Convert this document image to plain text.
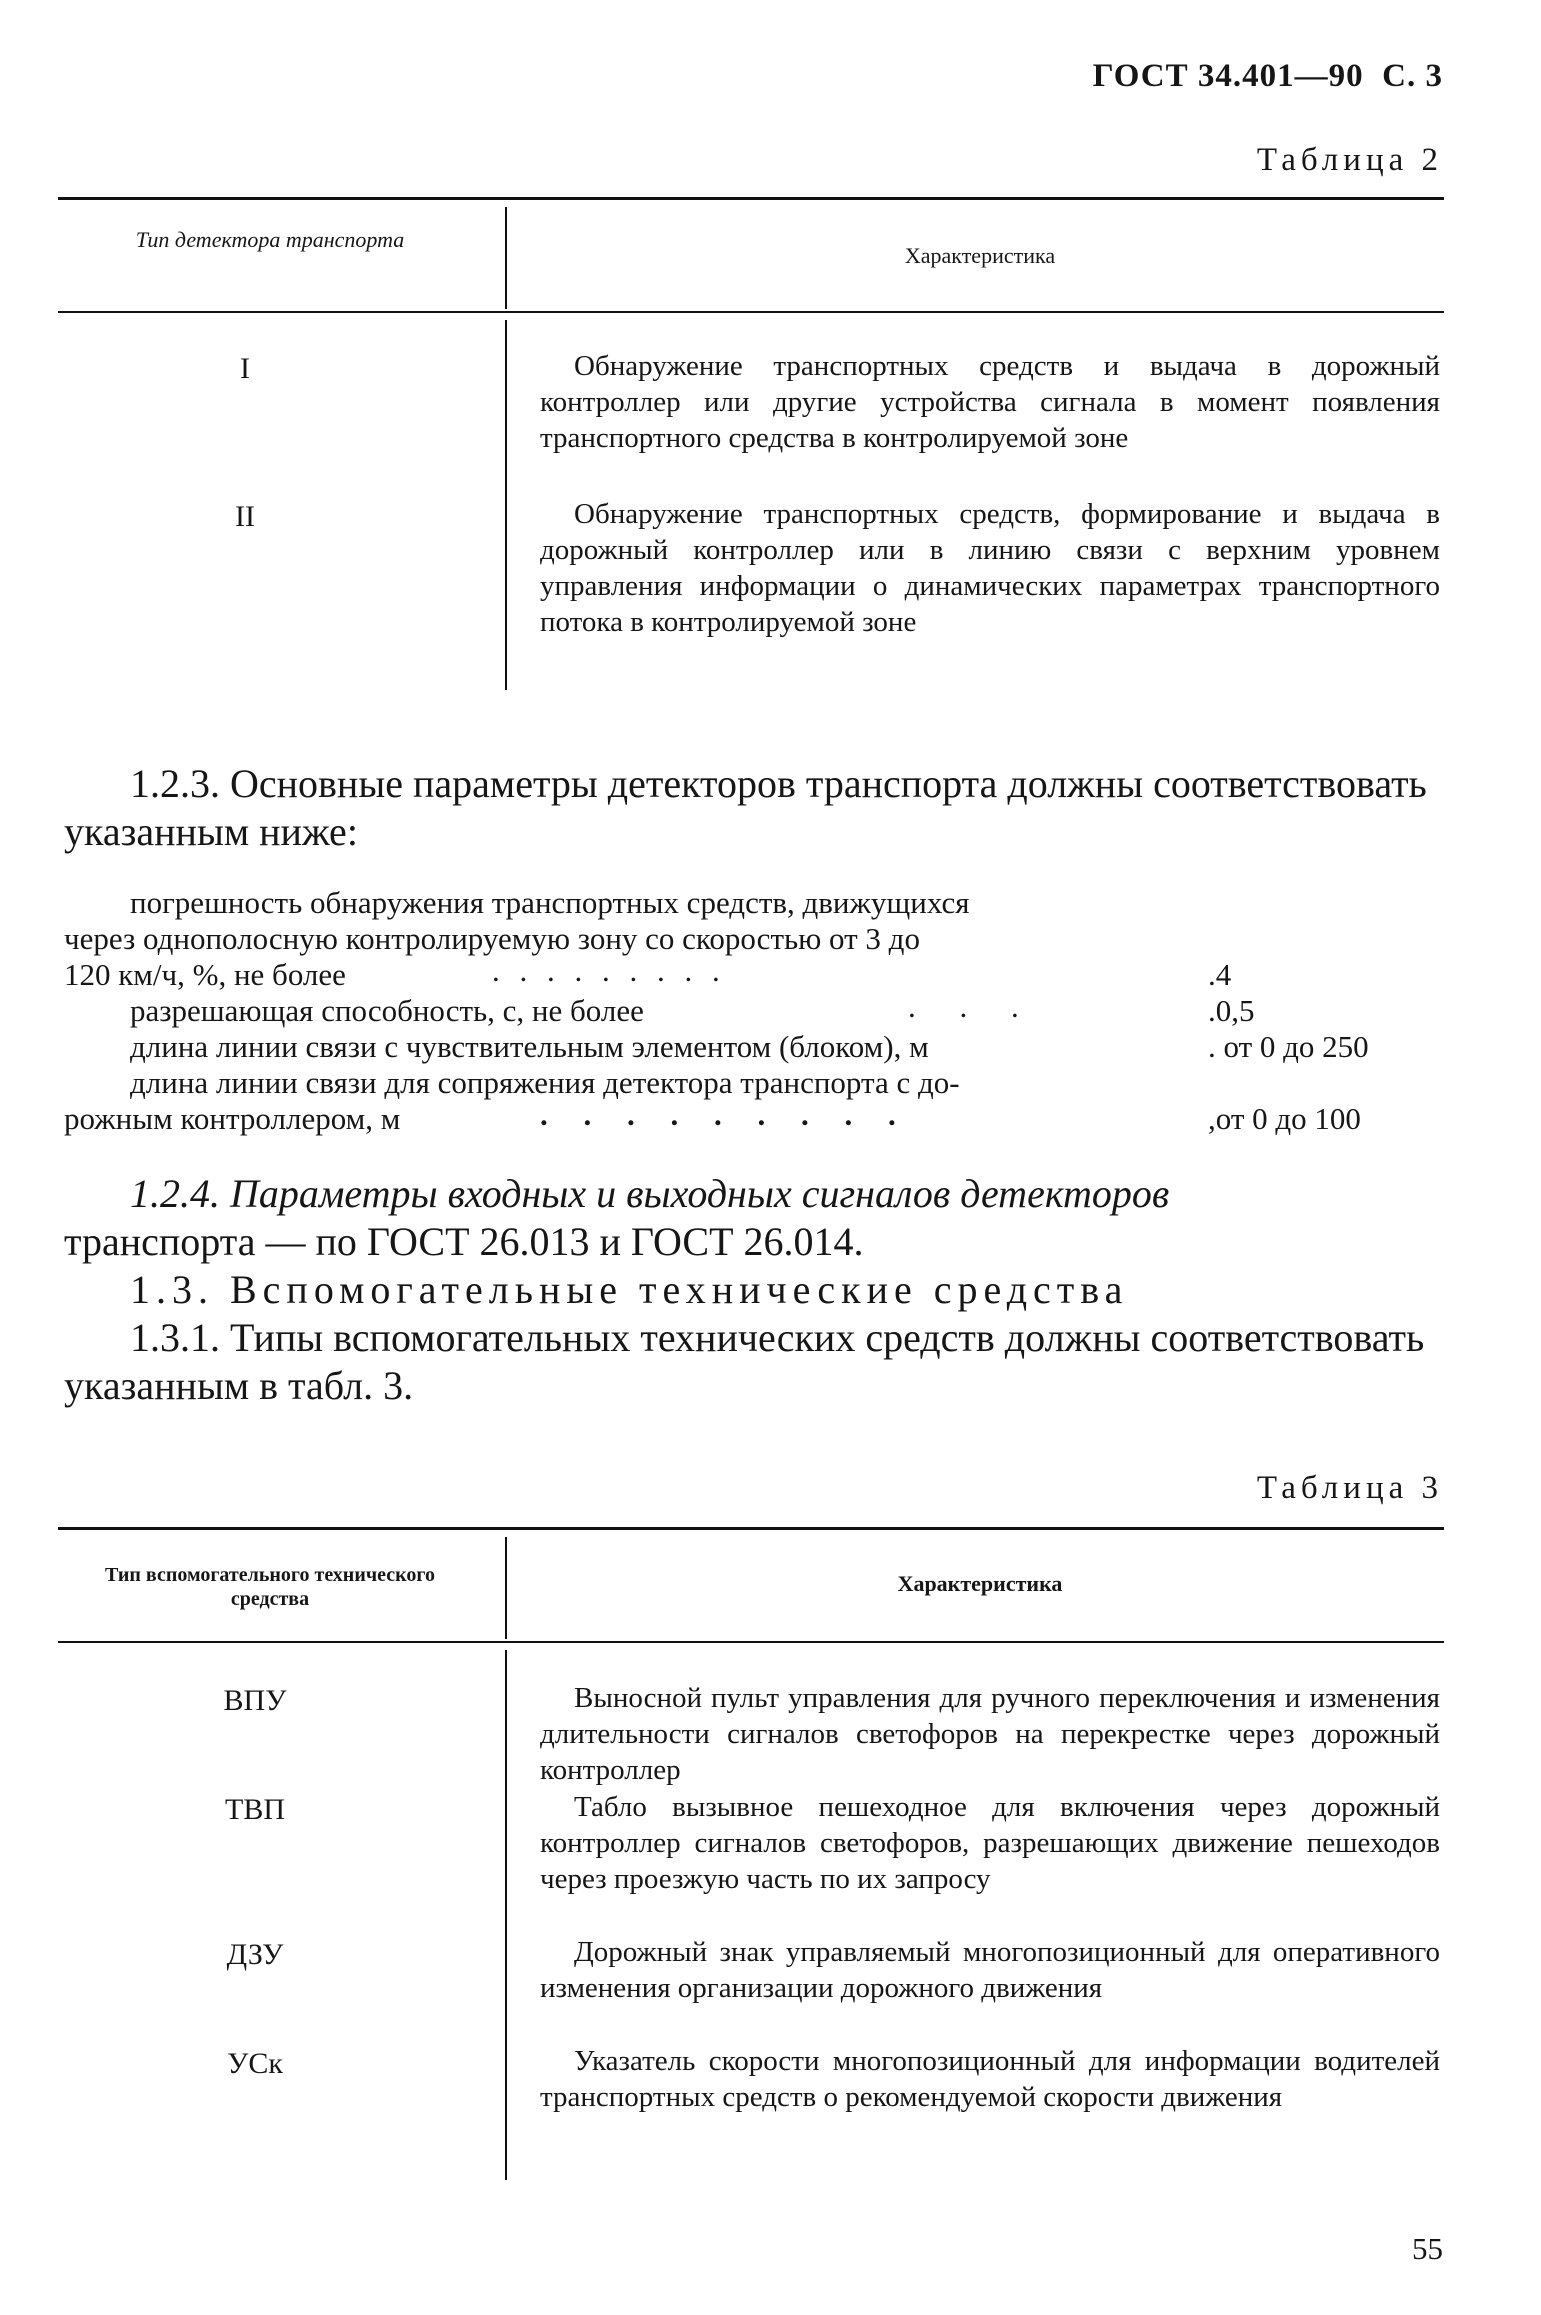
ГОСТ 34.401—90 С. 3
Таблица 2
Тип детектора транспорта
Характеристика
I	Обнаружение транспортных средств и выдача в дорожный контроллер или другие устройства сигнала в момент появления транспортного средства в контролируемой зоне
II	Обнаружение транспортных средств, формирование и выдача в дорожный контроллер или в линию связи с верхним уровнем управления информации о динамических параметрах транспортного потока в контролируемой зоне
1.2.3. Основные параметры детекторов транспорта должны соответствовать указанным ниже:
погрешность обнаружения транспортных средств, движущихся
через однополосную контролируемую зону со скоростью от 3 до
120 км/ч, %, не более	. . . . . . . . .	.4
разрешающая способность, с, не более	. . .	.0,5
длина линии связи с чувствительным элементом (блоком), м	. от 0 до 250
длина линии связи для сопряжения детектора транспорта с до-
рожным контроллером, м	. . . . . . . . .	,от 0 до 100
1.2.4. Параметры входных и выходных сигналов детекторов
транспорта — по ГОСТ 26.013 и ГОСТ 26.014.
1.3. Вспомогательные технические средства
1.3.1. Типы вспомогательных технических средств должны соответствовать указанным в табл. 3.
Таблица 3
Тип вспомогательного технического средства
Характеристика
ВПУ	Выносной пульт управления для ручного переключения и изменения длительности сигналов светофоров на перекрестке через дорожный контроллер
ТВП	Табло вызывное пешеходное для включения через дорожный контроллер сигналов светофоров, разрешающих движение пешеходов через проезжую часть по их запросу
ДЗУ	Дорожный знак управляемый многопозиционный для оперативного изменения организации дорожного движения
УСк	Указатель скорости многопозиционный для информации водителей транспортных средств о рекомендуемой скорости движения
55
